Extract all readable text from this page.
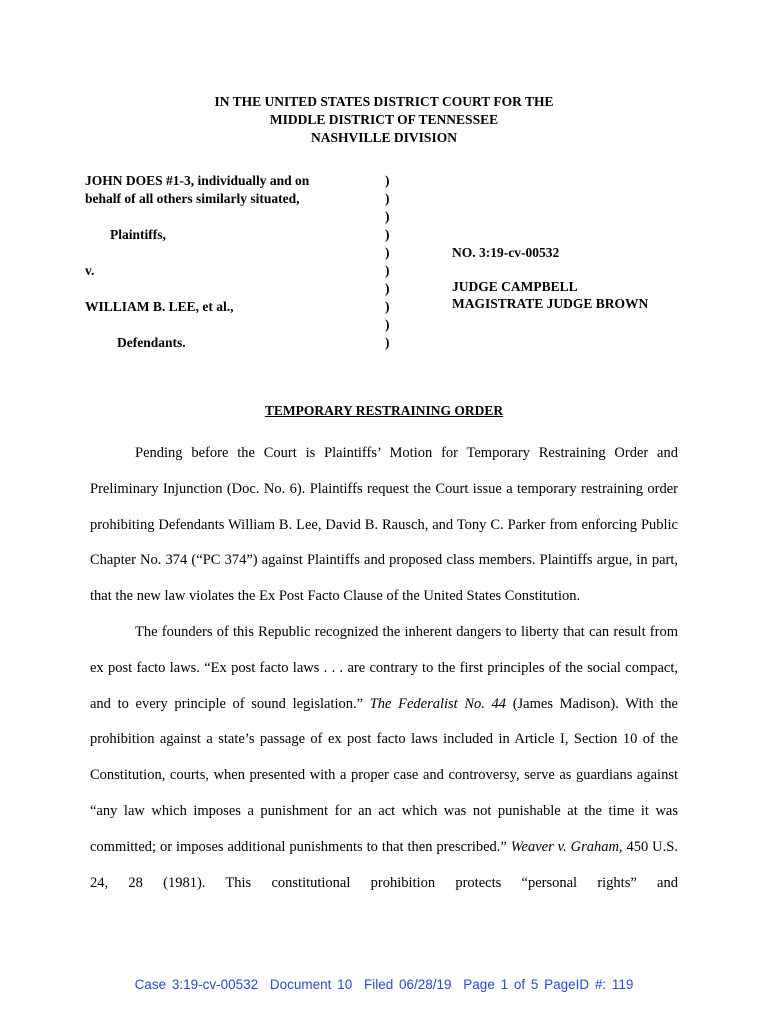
IN THE UNITED STATES DISTRICT COURT FOR THE
MIDDLE DISTRICT OF TENNESSEE
NASHVILLE DIVISION
JOHN DOES #1-3, individually and on
behalf of all others similarly situated,
Plaintiffs,
v.
WILLIAM B. LEE, et al.,
Defendants.
)
)
)
)
)
)
)
)
)
)
NO. 3:19-cv-00532
JUDGE CAMPBELL
MAGISTRATE JUDGE BROWN
TEMPORARY RESTRAINING ORDER

Pending before the Court is Plaintiffs’ Motion for Temporary Restraining Order and Preliminary Injunction (Doc. No. 6). Plaintiffs request the Court issue a temporary restraining order prohibiting Defendants William B. Lee, David B. Rausch, and Tony C. Parker from enforcing Public Chapter No. 374 (“PC 374”) against Plaintiffs and proposed class members. Plaintiffs argue, in part, that the new law violates the Ex Post Facto Clause of the United States Constitution.

The founders of this Republic recognized the inherent dangers to liberty that can result from ex post facto laws. “Ex post facto laws . . . are contrary to the first principles of the social compact, and to every principle of sound legislation.” The Federalist No. 44 (James Madison). With the prohibition against a state’s passage of ex post facto laws included in Article I, Section 10 of the Constitution, courts, when presented with a proper case and controversy, serve as guardians against “any law which imposes a punishment for an act which was not punishable at the time it was committed; or imposes additional punishments to that then prescribed.” Weaver v. Graham, 450 U.S. 24, 28 (1981). This constitutional prohibition protects “personal rights” and

Case 3:19-cv-00532 Document 10 Filed 06/28/19 Page 1 of 5 PageID #: 119
